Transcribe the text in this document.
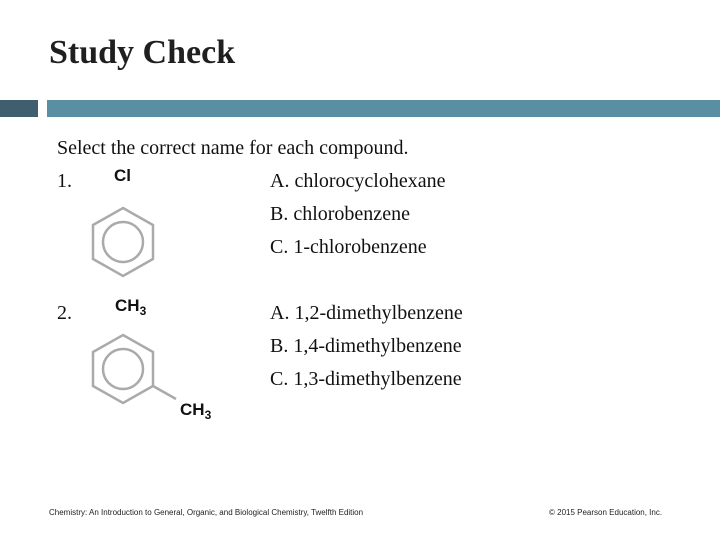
Study Check
Select the correct name for each compound.
1. Cl	A. chlorocyclohexane
B. chlorobenzene
C. 1-chlorobenzene
2.	$CH_3$
$CH_3$
A. 1,2-dimethylbenzene
B. 1,4-dimethylbenzene
C. 1,3-dimethylbenzene
Chemistry: An Introduction to General, Organic, and Biological Chemistry, Twelfth Edition	© 2015 Pearson Education, Inc.
